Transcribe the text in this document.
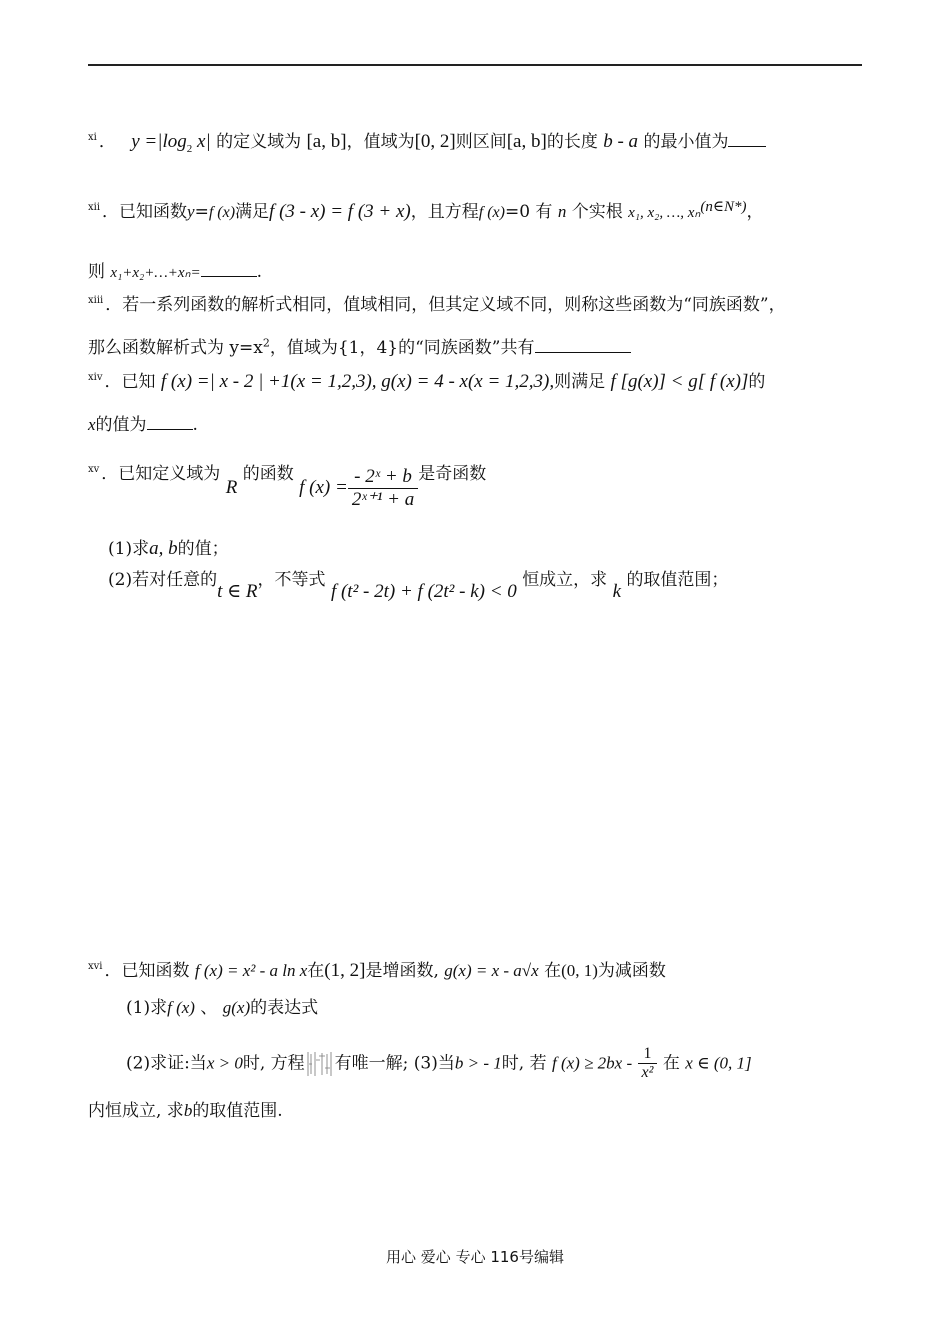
$^{xi}$ ． $y =|\log_2$ x| 的定义域为 [a, b]，值域为[0, 2]则区间[a, b]的长度 b - a 的最小值为
$^{xii}$ ．已知函数y=f (x)满足f (3 - x) = f (3 + x)，且方程f (x)=0 有 n 个实根 x₁, x₂, …, xₙ(n∈N*)，
则 x₁+x₂+…+xₙ=	.
$^{xiii}$ ．若一系列函数的解析式相同，值域相同，但其定义域不同，则称这些函数为“同族函数”，
那么函数解析式为 $y=x^2$，值域为{1，4}的“同族函数”共有
$^{xiv}$ ．已知 f (x) =| x - 2 | +1(x = 1,2,3), g(x) = 4 - x(x = 1,2,3),则满足 f [g(x)] < g[ f (x)]的
x的值为	.
$^{xv}$ ．已知定义域为 R 的函数 f $(x) = \frac{\text{- 2ˣ + b}}{\text{2ˣ⁺¹ + a}}$ 是奇函数
(1)求a, b的值；
(2)若对任意的t ∈ R，不等式 f (t² - 2t) + f (2t² - k) < 0 恒成立，求 k 的取值范围；
$^{xvi}$ ．已知函数 f (x) = x² - a ln x在(1, 2]是增函数, g(x) = x - a√x 在(0, 1)为减函数
(1)求f (x) 、 g(x)的表达式
(2)求证:当x > 0时, 方程 有唯一解; (3)当b > - 1时, 若 f $(x) \ge 2bx - \frac{1}{\text{x²}}$ 在 x ∈ (0, 1]
内恒成立, 求b的取值范围.
用心 爱心 专心 116号编辑
